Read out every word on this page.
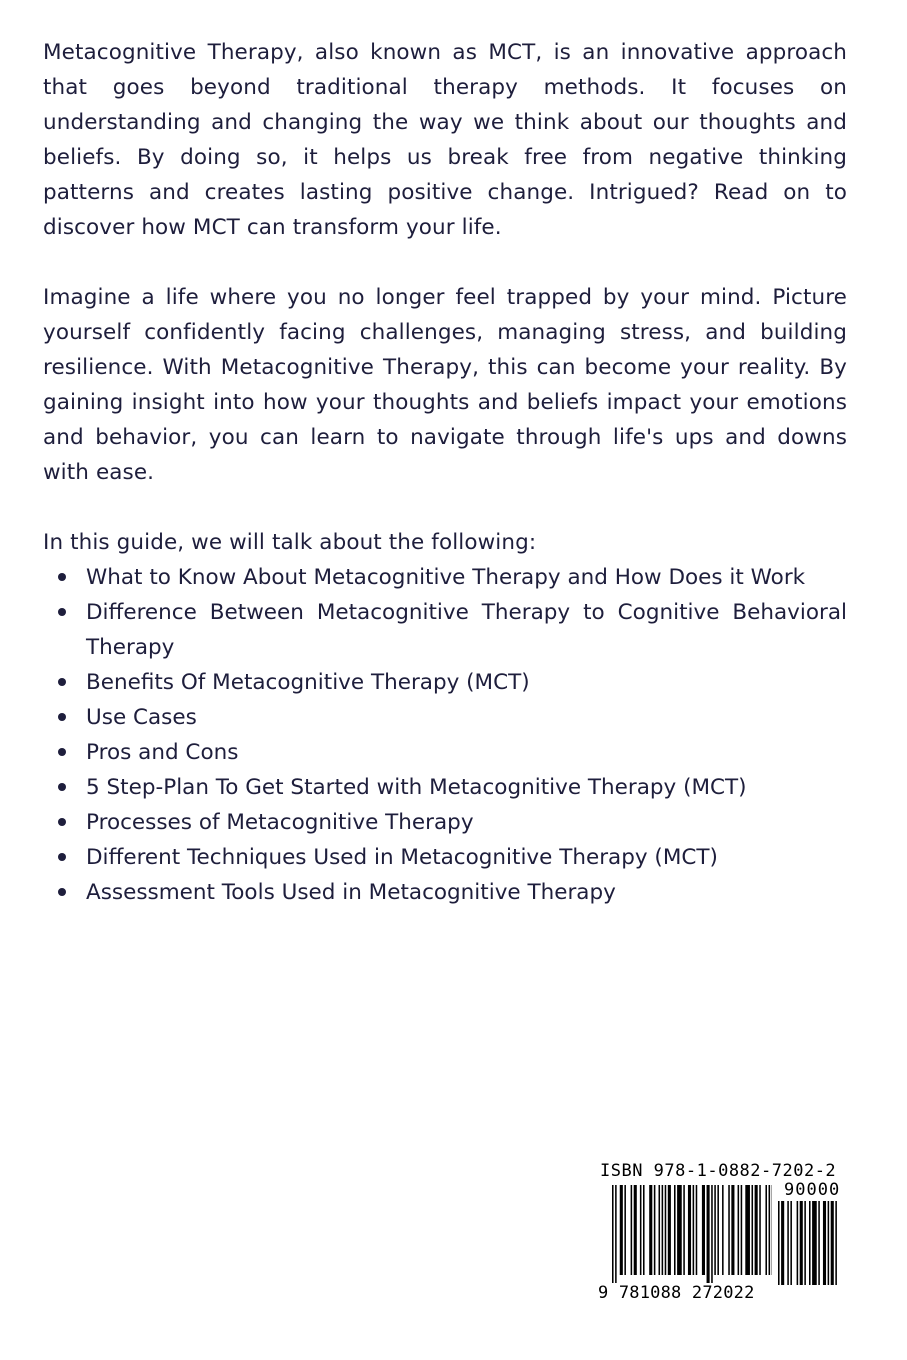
Metacognitive Therapy, also known as MCT, is an innovative approach that goes beyond traditional therapy methods. It focuses on understanding and changing the way we think about our thoughts and beliefs. By doing so, it helps us break free from negative thinking patterns and creates lasting positive change. Intrigued? Read on to discover how MCT can transform your life.

Imagine a life where you no longer feel trapped by your mind. Picture yourself confidently facing challenges, managing stress, and building resilience. With Metacognitive Therapy, this can become your reality. By gaining insight into how your thoughts and beliefs impact your emotions and behavior, you can learn to navigate through life's ups and downs with ease.

In this guide, we will talk about the following:

What to Know About Metacognitive Therapy and How Does it Work
Difference Between Metacognitive Therapy to Cognitive Behavioral Therapy
Benefits Of Metacognitive Therapy (MCT)
Use Cases
Pros and Cons
5 Step-Plan To Get Started with Metacognitive Therapy (MCT)
Processes of Metacognitive Therapy
Different Techniques Used in Metacognitive Therapy (MCT)
Assessment Tools Used in Metacognitive Therapy
ISBN 978-1-0882-7202-2
90000
9 781088 272022
